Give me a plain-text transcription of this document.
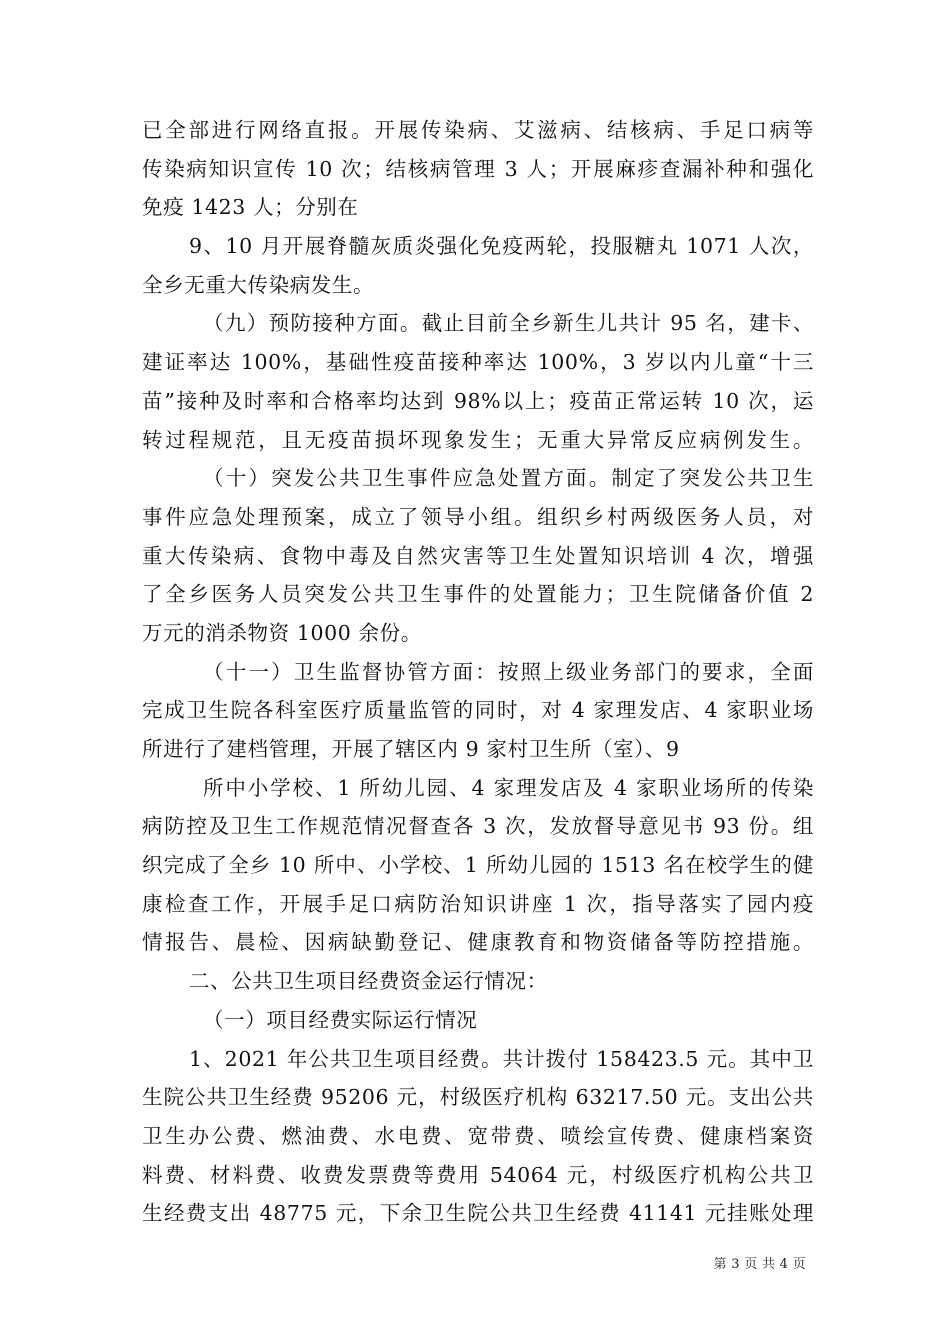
已全部进行网络直报。开展传染病、艾滋病、结核病、手足口病等
传染病知识宣传 10 次；结核病管理 3 人；开展麻疹查漏补种和强化
免疫 1423 人；分别在
9、10 月开展脊髓灰质炎强化免疫两轮，投服糖丸 1071 人次，
全乡无重大传染病发生。
（九）预防接种方面。截止目前全乡新生儿共计 95 名，建卡、
建证率达 100%，基础性疫苗接种率达 100%，3 岁以内儿童“十三
苗”接种及时率和合格率均达到 98%以上；疫苗正常运转 10 次，运
转过程规范，且无疫苗损坏现象发生；无重大异常反应病例发生。
（十）突发公共卫生事件应急处置方面。制定了突发公共卫生
事件应急处理预案，成立了领导小组。组织乡村两级医务人员，对
重大传染病、食物中毒及自然灾害等卫生处置知识培训 4 次，增强
了全乡医务人员突发公共卫生事件的处置能力；卫生院储备价值 2
万元的消杀物资 1000 余份。
（十一）卫生监督协管方面：按照上级业务部门的要求，全面
完成卫生院各科室医疗质量监管的同时，对 4 家理发店、4 家职业场
所进行了建档管理，开展了辖区内 9 家村卫生所（室）、9
所中小学校、1 所幼儿园、4 家理发店及 4 家职业场所的传染
病防控及卫生工作规范情况督查各 3 次，发放督导意见书 93 份。组
织完成了全乡 10 所中、小学校、1 所幼儿园的 1513 名在校学生的健
康检查工作，开展手足口病防治知识讲座 1 次，指导落实了园内疫
情报告、晨检、因病缺勤登记、健康教育和物资储备等防控措施。
二、公共卫生项目经费资金运行情况：
（一）项目经费实际运行情况
1、2021 年公共卫生项目经费。共计拨付 158423.5 元。其中卫
生院公共卫生经费 95206 元，村级医疗机构 63217.50 元。支出公共
卫生办公费、燃油费、水电费、宽带费、喷绘宣传费、健康档案资
料费、材料费、收费发票费等费用 54064 元，村级医疗机构公共卫
生经费支出 48775 元，下余卫生院公共卫生经费 41141 元挂账处理
第 3 页 共 4 页
